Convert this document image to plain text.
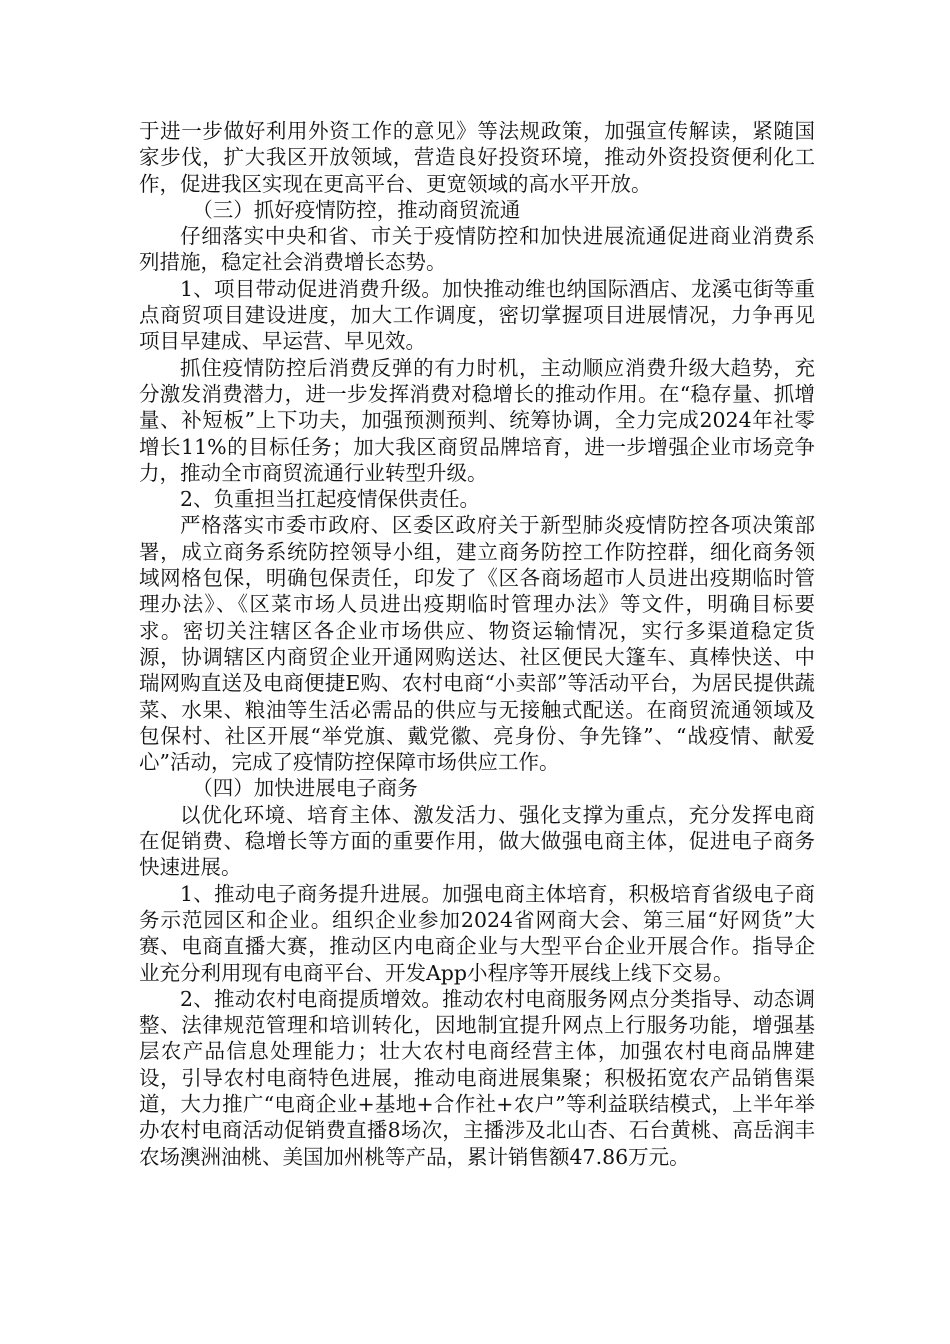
于进一步做好利用外资工作的意见》等法规政策，加强宣传解读，紧随国家步伐，扩大我区开放领域，营造良好投资环境，推动外资投资便利化工作，促进我区实现在更高平台、更宽领域的高水平开放。

（三）抓好疫情防控，推动商贸流通

仔细落实中央和省、市关于疫情防控和加快进展流通促进商业消费系列措施，稳定社会消费增长态势。

1、项目带动促进消费升级。加快推动维也纳国际酒店、龙溪屯街等重点商贸项目建设进度，加大工作调度，密切掌握项目进展情况，力争再见项目早建成、早运营、早见效。

抓住疫情防控后消费反弹的有力时机，主动顺应消费升级大趋势，充分激发消费潜力，进一步发挥消费对稳增长的推动作用。在“稳存量、抓增量、补短板”上下功夫，加强预测预判、统筹协调，全力完成2024年社零增长11%的目标任务；加大我区商贸品牌培育，进一步增强企业市场竞争力，推动全市商贸流通行业转型升级。

2、负重担当扛起疫情保供责任。

严格落实市委市政府、区委区政府关于新型肺炎疫情防控各项决策部署，成立商务系统防控领导小组，建立商务防控工作防控群，细化商务领域网格包保，明确包保责任，印发了《区各商场超市人员进出疫期临时管理办法》、《区菜市场人员进出疫期临时管理办法》等文件，明确目标要求。密切关注辖区各企业市场供应、物资运输情况，实行多渠道稳定货源，协调辖区内商贸企业开通网购送达、社区便民大篷车、真棒快送、中瑞网购直送及电商便捷E购、农村电商“小卖部”等活动平台，为居民提供蔬菜、水果、粮油等生活必需品的供应与无接触式配送。在商贸流通领域及包保村、社区开展“举党旗、戴党徽、亮身份、争先锋”、“战疫情、献爱心”活动，完成了疫情防控保障市场供应工作。

（四）加快进展电子商务

以优化环境、培育主体、激发活力、强化支撑为重点，充分发挥电商在促销费、稳增长等方面的重要作用，做大做强电商主体，促进电子商务快速进展。

1、推动电子商务提升进展。加强电商主体培育，积极培育省级电子商务示范园区和企业。组织企业参加2024省网商大会、第三届“好网货”大赛、电商直播大赛，推动区内电商企业与大型平台企业开展合作。指导企业充分利用现有电商平台、开发App小程序等开展线上线下交易。

2、推动农村电商提质增效。推动农村电商服务网点分类指导、动态调整、法律规范管理和培训转化，因地制宜提升网点上行服务功能，增强基层农产品信息处理能力；壮大农村电商经营主体，加强农村电商品牌建设，引导农村电商特色进展，推动电商进展集聚；积极拓宽农产品销售渠道，大力推广“电商企业+基地+合作社+农户”等利益联结模式，上半年举办农村电商活动促销费直播8场次，主播涉及北山杏、石台黄桃、高岳润丰农场澳洲油桃、美国加州桃等产品，累计销售额47.86万元。
